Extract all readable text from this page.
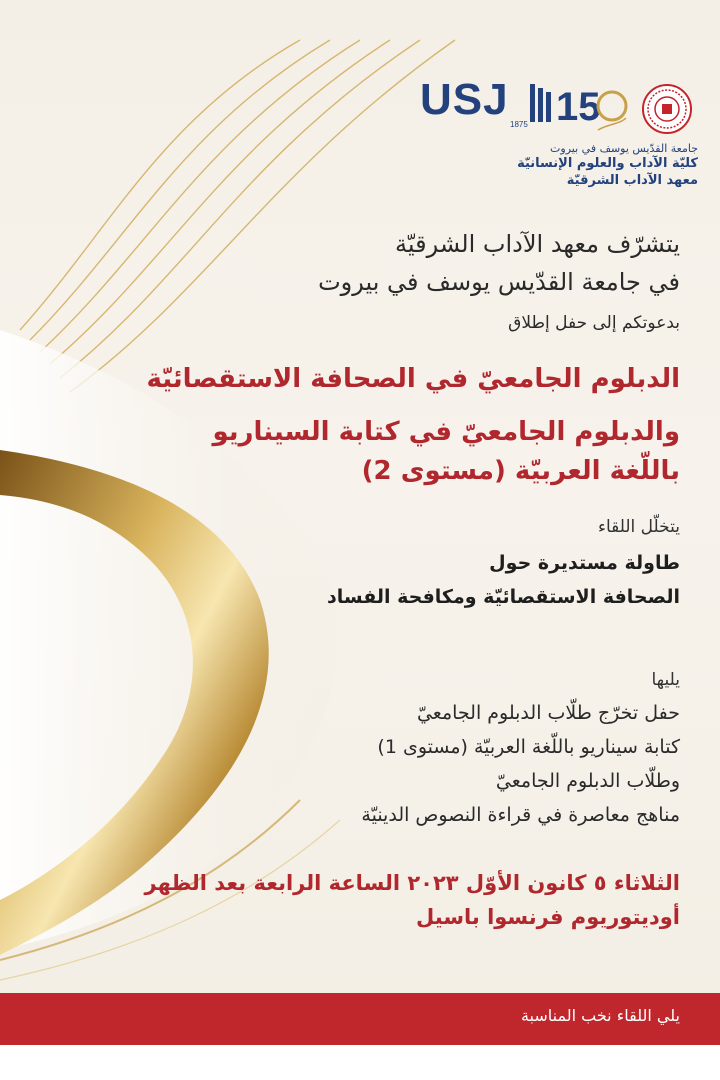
USJ
1875 15
جامعة القدّيس يوسف في بيروت
كليّة الآداب والعلوم الإنسانيّة
معهد الآداب الشرقيّة
يتشرّف معهد الآداب الشرقيّة
في جامعة القدّيس يوسف في بيروت
بدعوتكم إلى حفل إطلاق
الدبلوم الجامعيّ في الصحافة الاستقصائيّة
والدبلوم الجامعيّ في كتابة السيناريو
باللّغة العربيّة (مستوى 2)
يتخلّل اللقاء
طاولة مستديرة حول
الصحافة الاستقصائيّة ومكافحة الفساد
يليها
حفل تخرّج طلّاب الدبلوم الجامعيّ
كتابة سيناريو باللّغة العربيّة (مستوى 1)
وطلّاب الدبلوم الجامعيّ
مناهج معاصرة في قراءة النصوص الدينيّة
الثلاثاء ٥ كانون الأوّل ٢٠٢٣ الساعة الرابعة بعد الظهر
أوديتوريوم فرنسوا باسيل
يلي اللقاء نخب المناسبة
